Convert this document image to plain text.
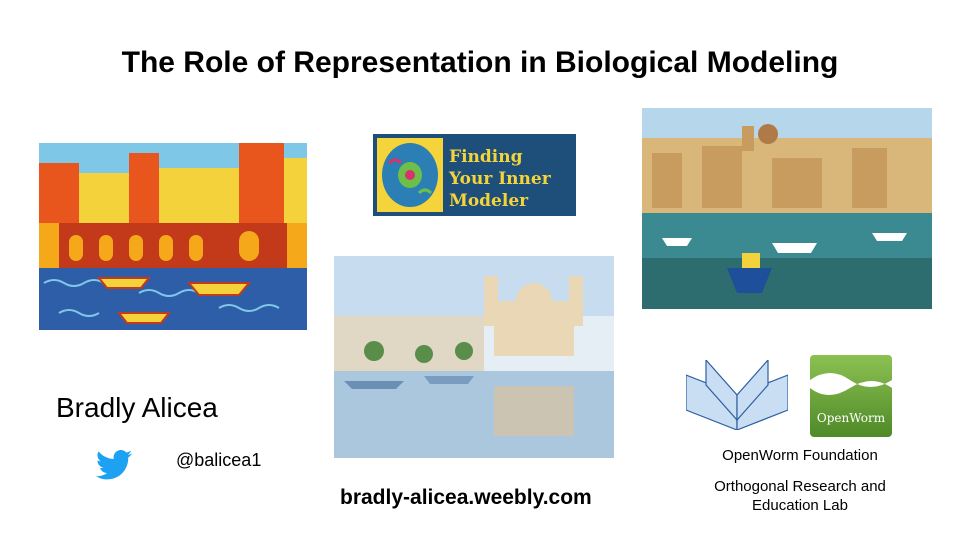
The Role of Representation in Biological Modeling
Finding Your Inner Modeler
Bradly Alicea
@balicea1
bradly-alicea.weebly.com
OpenWorm
OpenWorm Foundation
Orthogonal Research and Education Lab
